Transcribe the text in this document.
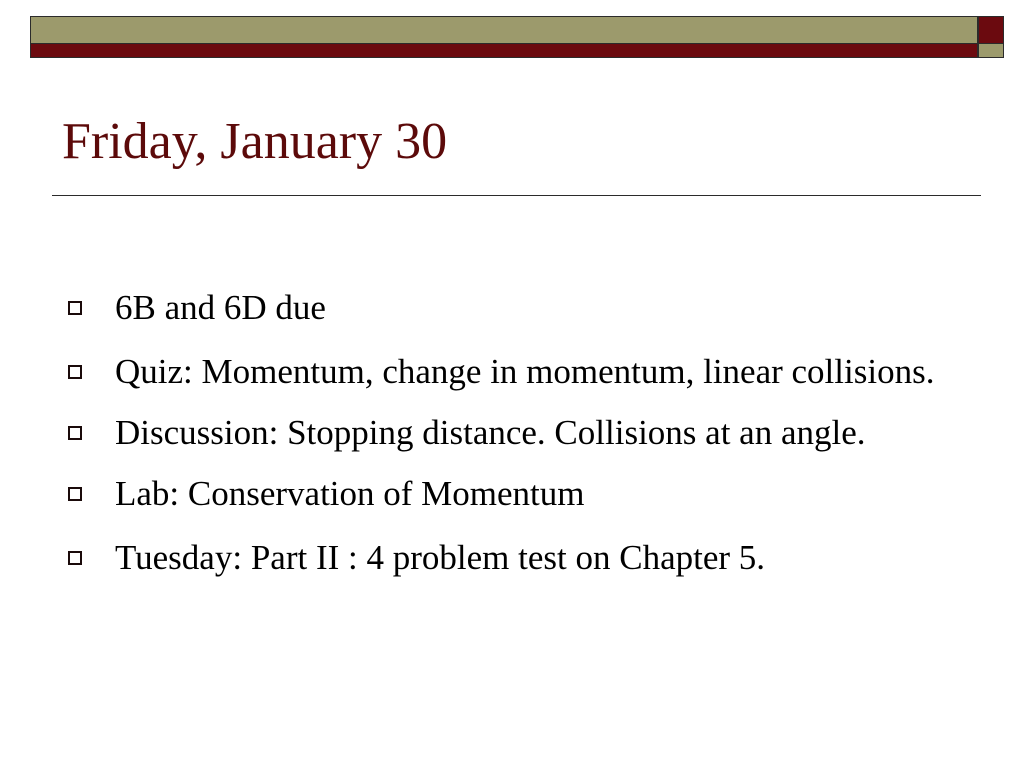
Friday, January 30
6B and 6D due
Quiz: Momentum, change in momentum, linear collisions.
Discussion: Stopping distance. Collisions at an angle.
Lab: Conservation of Momentum
Tuesday: Part II : 4 problem test on Chapter 5.
